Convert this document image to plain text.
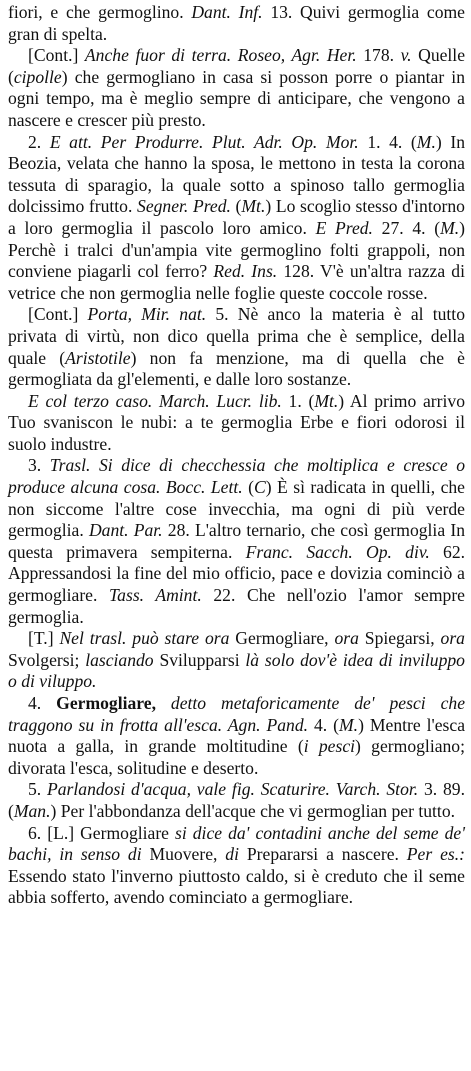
fiori, e che germoglino. Dant. Inf. 13. Quivi germoglia come gran di spelta.

[Cont.] Anche fuor di terra. Roseo, Agr. Her. 178. v. Quelle (cipolle) che germogliano in casa si posson porre o piantar in ogni tempo, ma è meglio sempre di anticipare, che vengono a nascere e crescer più presto.

2. E att. Per Produrre. Plut. Adr. Op. Mor. 1. 4. (M.) In Beozia, velata che hanno la sposa, le mettono in testa la corona tessuta di sparagio, la quale sotto a spinoso tallo germoglia dolcissimo frutto. Segner. Pred. (Mt.) Lo scoglio stesso d'intorno a loro germoglia il pascolo loro amico. E Pred. 27. 4. (M.) Perchè i tralci d'un'ampia vite germoglino folti grappoli, non conviene piagarli col ferro? Red. Ins. 128. V'è un'altra razza di vetrice che non germoglia nelle foglie queste coccole rosse.

[Cont.] Porta, Mir. nat. 5. Nè anco la materia è al tutto privata di virtù, non dico quella prima che è semplice, della quale (Aristotile) non fa menzione, ma di quella che è germogliata da gl'elementi, e dalle loro sostanze.

E col terzo caso. March. Lucr. lib. 1. (Mt.) Al primo arrivo Tuo svaniscon le nubi: a te germoglia Erbe e fiori odorosi il suolo industre.

3. Trasl. Si dice di checchessia che moltiplica e cresce o produce alcuna cosa. Bocc. Lett. (C) È sì radicata in quelli, che non siccome l'altre cose invecchia, ma ogni di più verde germoglia. Dant. Par. 28. L'altro ternario, che così germoglia In questa primavera sempiterna. Franc. Sacch. Op. div. 62. Appressandosi la fine del mio officio, pace e dovizia cominciò a germogliare. Tass. Amint. 22. Che nell'ozio l'amor sempre germoglia.

[T.] Nel trasl. può stare ora Germogliare, ora Spiegarsi, ora Svolgersi; lasciando Svilupparsi là solo dov'è idea di inviluppo o di viluppo.

4. Germogliare, detto metaforicamente de' pesci che traggono su in frotta all'esca. Agn. Pand. 4. (M.) Mentre l'esca nuota a galla, in grande moltitudine (i pesci) germogliano; divorata l'esca, solitudine e deserto.

5. Parlandosi d'acqua, vale fig. Scaturire. Varch. Stor. 3. 89. (Man.) Per l'abbondanza dell'acque che vi germoglian per tutto.

6. [L.] Germogliare si dice da' contadini anche del seme de' bachi, in senso di Muovere, di Prepararsi a nascere. Per es.: Essendo stato l'inverno piuttosto caldo, si è creduto che il seme abbia sofferto, avendo cominciato a germogliare.
